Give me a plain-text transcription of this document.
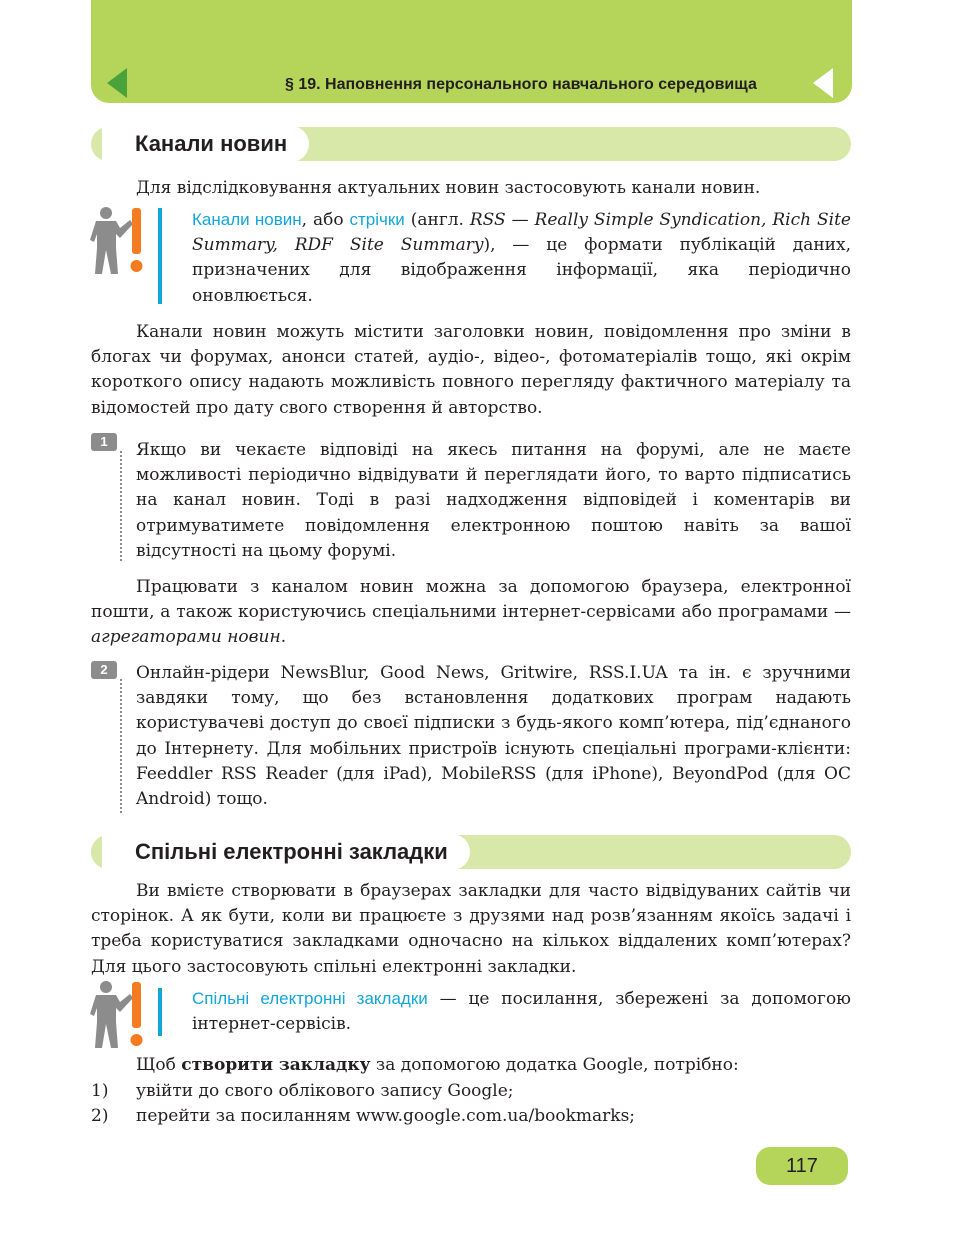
§ 19. Наповнення персонального навчального середовища
Канали новин
Для відслідковування актуальних новин застосовують канали новин.
Канали новин, або стрічки (англ. RSS — Really Simple Syndication, Rich Site Summary, RDF Site Summary), — це формати публікацій даних, призначених для відображення інформації, яка періодично оновлюється.
Канали новин можуть містити заголовки новин, повідомлення про зміни в блогах чи форумах, анонси статей, аудіо-, відео-, фотоматеріалів тощо, які окрім короткого опису надають можливість повного перегляду фактичного матеріалу та відомостей про дату свого створення й авторство.
1	Якщо ви чекаєте відповіді на якесь питання на форумі, але не маєте можливості періодично відвідувати й переглядати його, то варто підписатись на канал новин. Тоді в разі надходження відповідей і коментарів ви отримуватимете повідомлення електронною поштою навіть за вашої відсутності на цьому форумі.
Працювати з каналом новин можна за допомогою браузера, електронної пошти, а також користуючись спеціальними інтернет-сервісами або програмами — агрегаторами новин.
2	Онлайн-рідери NewsBlur, Good News, Gritwire, RSS.I.UA та ін. є зручними завдяки тому, що без встановлення додаткових програм надають користувачеві доступ до своєї підписки з будь-якого комп’ютера, під’єднаного до Інтернету. Для мобільних пристроїв існують спеціальні програми-клієнти: Feeddler RSS Reader (для iPad), MobileRSS (для iPhone), BeyondPod (для ОС Android) тощо.
Спільні електронні закладки
Ви вмієте створювати в браузерах закладки для часто відвідуваних сайтів чи сторінок. А як бути, коли ви працюєте з друзями над розв’язанням якоїсь задачі і треба користуватися закладками одночасно на кількох віддалених комп’ютерах? Для цього застосовують спільні електронні закладки.
Спільні електронні закладки — це посилання, збережені за допомогою інтернет-сервісів.
Щоб створити закладку за допомогою додатка Google, потрібно:
1) увійти до свого облікового запису Google;
2) перейти за посиланням www.google.com.ua/bookmarks;
117
